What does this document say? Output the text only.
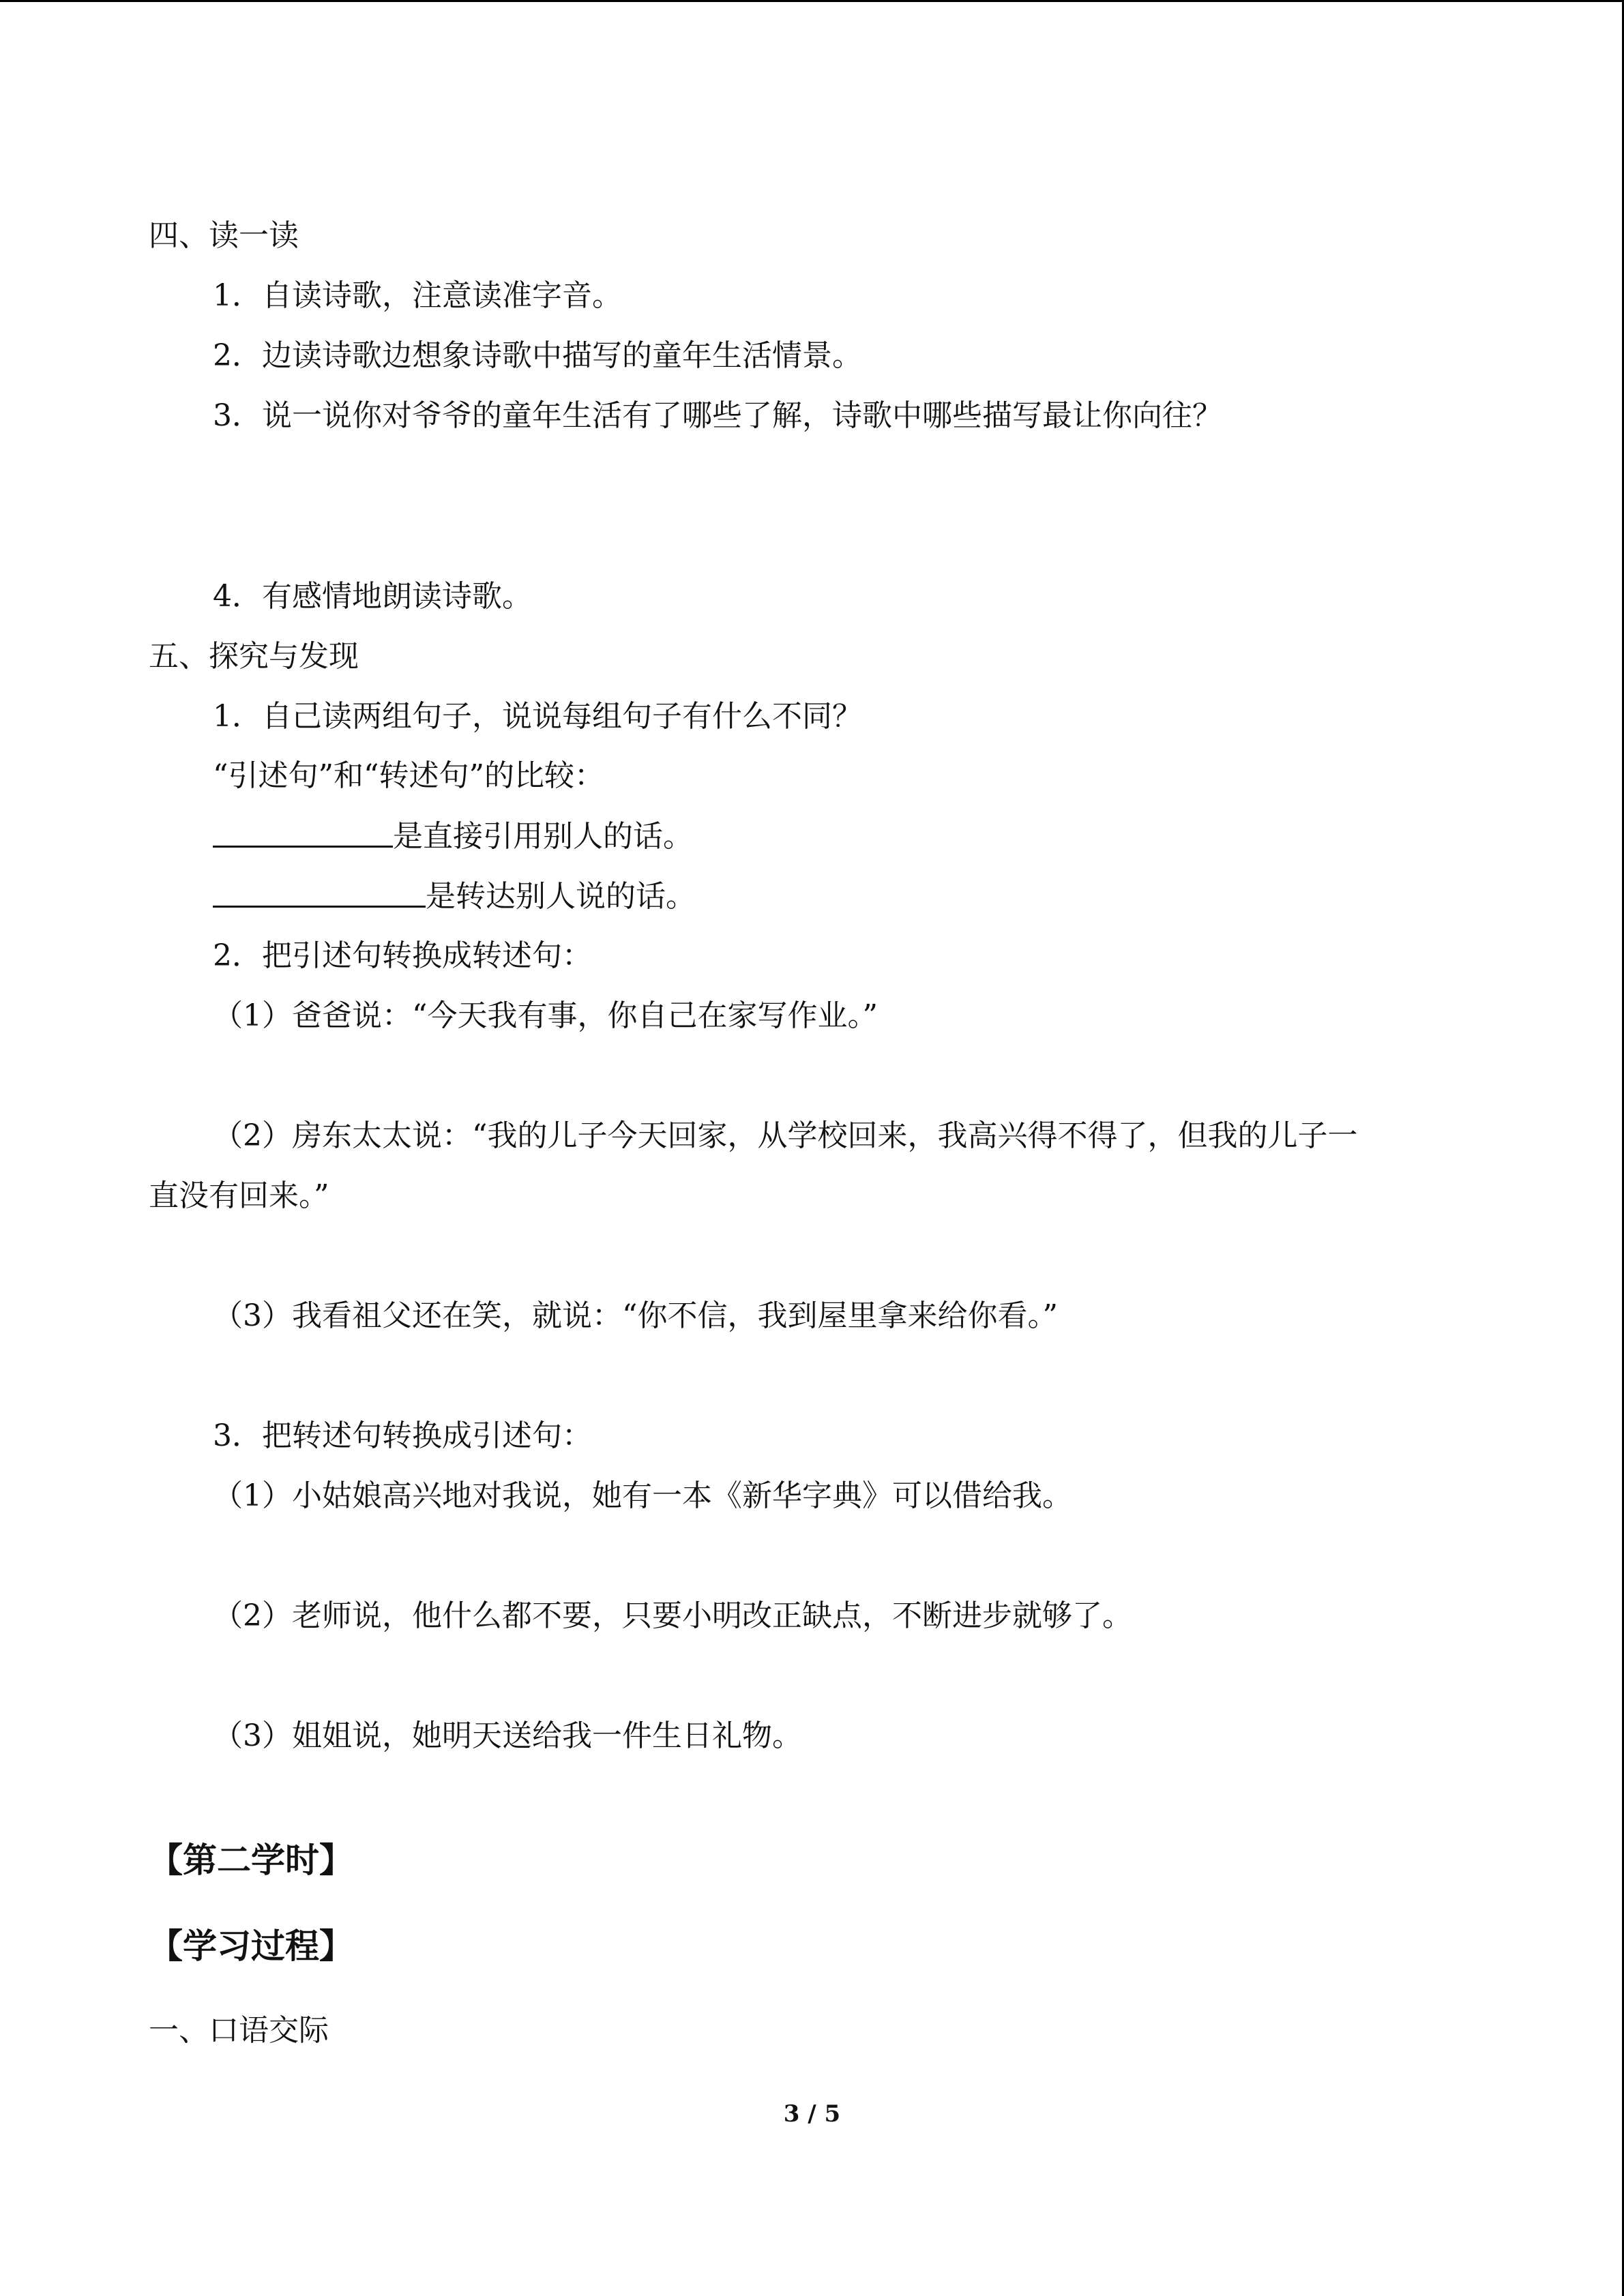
四、读一读
1．自读诗歌，注意读准字音。
2．边读诗歌边想象诗歌中描写的童年生活情景。
3．说一说你对爷爷的童年生活有了哪些了解，诗歌中哪些描写最让你向往？
4．有感情地朗读诗歌。
五、探究与发现
1．自己读两组句子，说说每组句子有什么不同？
“引述句”和“转述句”的比较：
是直接引用别人的话。
是转达别人说的话。
2．把引述句转换成转述句：
（1）爸爸说：“今天我有事，你自己在家写作业。”
（2）房东太太说：“我的儿子今天回家，从学校回来，我高兴得不得了，但我的儿子一
直没有回来。”
（3）我看祖父还在笑，就说：“你不信，我到屋里拿来给你看。”
3．把转述句转换成引述句：
（1）小姑娘高兴地对我说，她有一本《新华字典》可以借给我。
（2）老师说，他什么都不要，只要小明改正缺点，不断进步就够了。
（3）姐姐说，她明天送给我一件生日礼物。
【第二学时】
【学习过程】
一、口语交际
3 / 5
